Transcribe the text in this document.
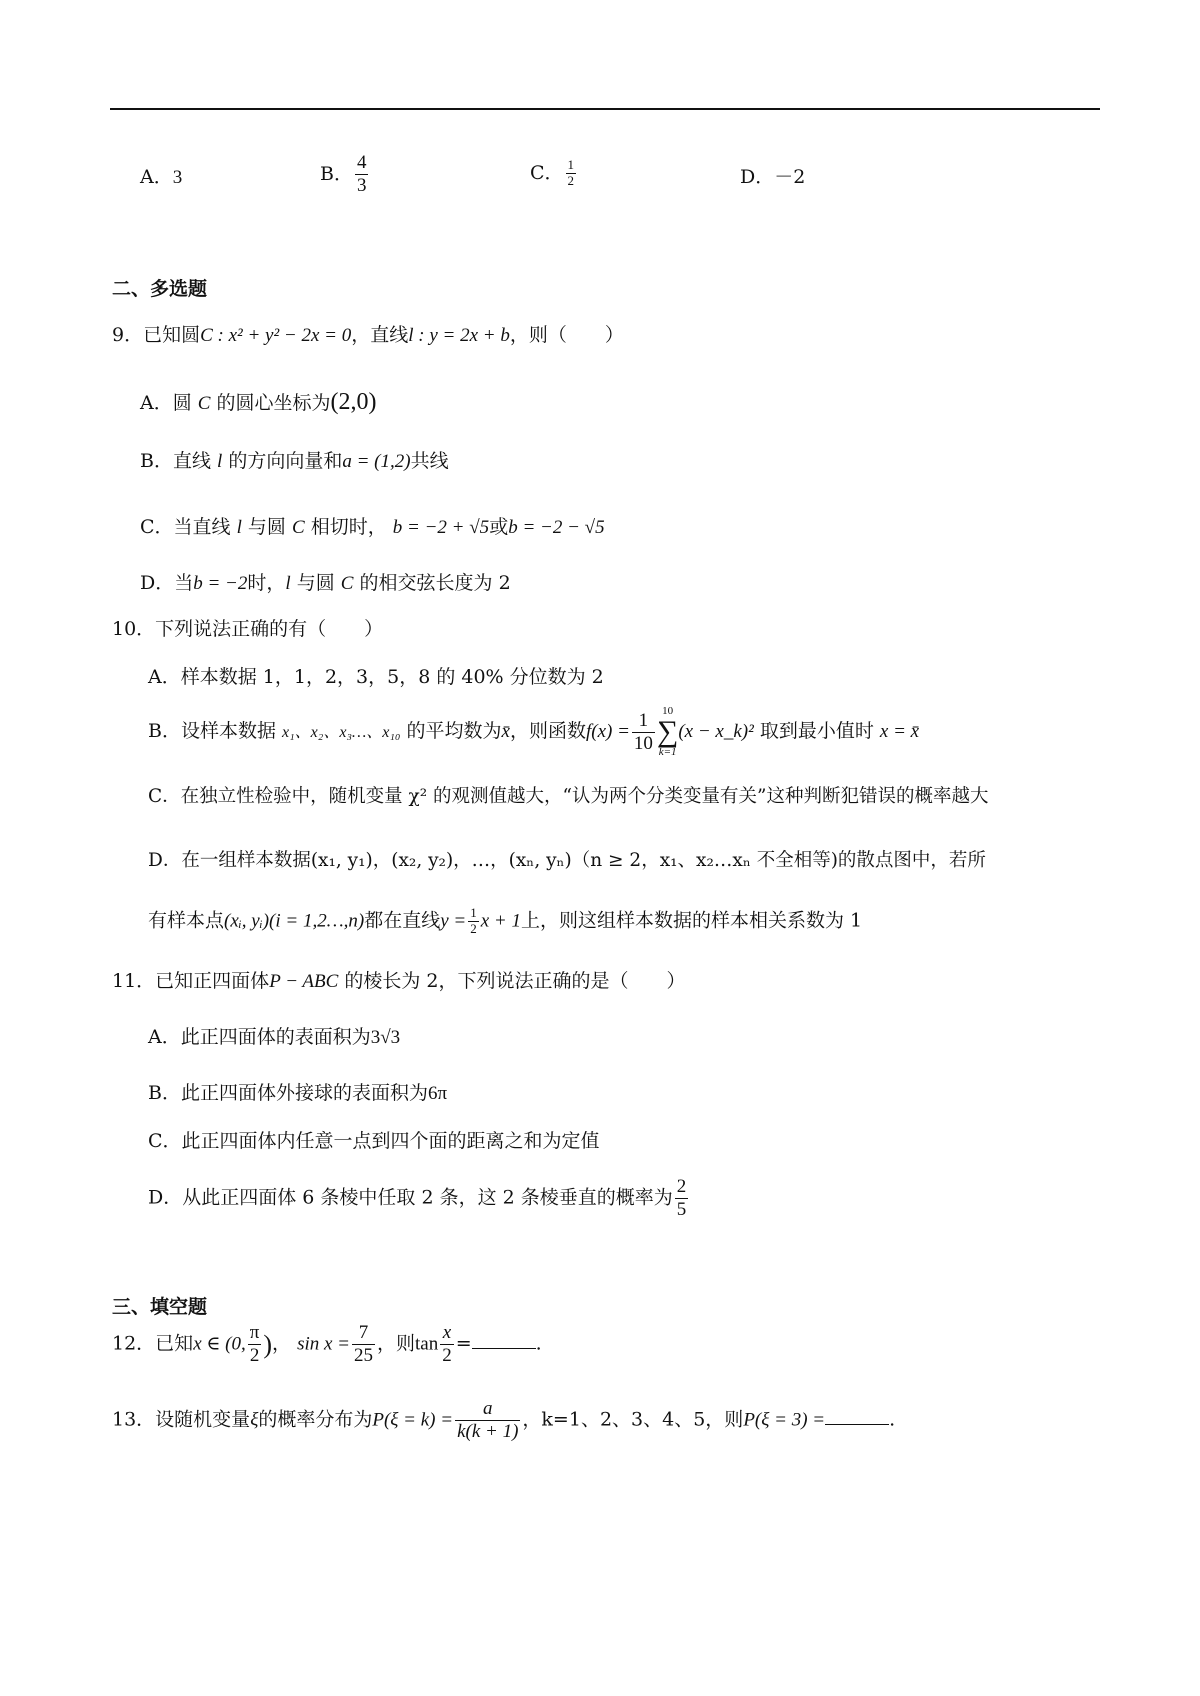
A．3	B． $\frac{4}{3}$	C． $\frac{1}{2}$	D．－2
二、多选题
9．已知圆C : x² + y² − 2x = 0，直线l : y = 2x + b，则（　　）
A．圆 C 的圆心坐标为(2,0)
B．直线 l 的方向向量和a = (1,2)共线
C．当直线 l 与圆 C 相切时， b = −2 + √5或b = −2 − √5
D．当b = −2时，l 与圆 C 的相交弦长度为 2
10．下列说法正确的有（　　）
A．样本数据 1，1，2，3，5，8 的 40% 分位数为 2
B．设样本数据 x₁、x₂、x₃…、x₁₀ 的平均数为x̄，则函数$f(x) = \frac{1}{10} 10$
∑
k=1
(x − x_k)² 取到最小值时 x = x̄
C．在独立性检验中，随机变量 χ² 的观测值越大，“认为两个分类变量有关”这种判断犯错误的概率越大
D．在一组样本数据(x₁, y₁)，(x₂, y₂)，…，(xₙ, yₙ)（n ≥ 2，x₁、x₂…xₙ 不全相等)的散点图中，若所
有样本点(xᵢ, yᵢ)(i = 1,2…,n)都在直线$y = \frac{1}{2}$ x + 1上，则这组样本数据的样本相关系数为 1
11．已知正四面体P − ABC 的棱长为 2，下列说法正确的是（　　）
A．此正四面体的表面积为3√3
B．此正四面体外接球的表面积为6π
C．此正四面体内任意一点到四个面的距离之和为定值
D．从此正四面体 6 条棱中任取 2 条，这 2 条棱垂直的概率为 $\frac{2}{5}$
三、填空题
12．已知x ∈ (0, $\frac{\pi}{2}$ )， $\sin x = \frac{7}{25}$ ，则$\tan \frac{x}{2}$ =	.
13．设随机变量ξ的概率分布为$P(\xi = k) = \frac{a}{k(k + 1)}$ ，k=1、2、3、4、5，则P(ξ = 3) =	.
